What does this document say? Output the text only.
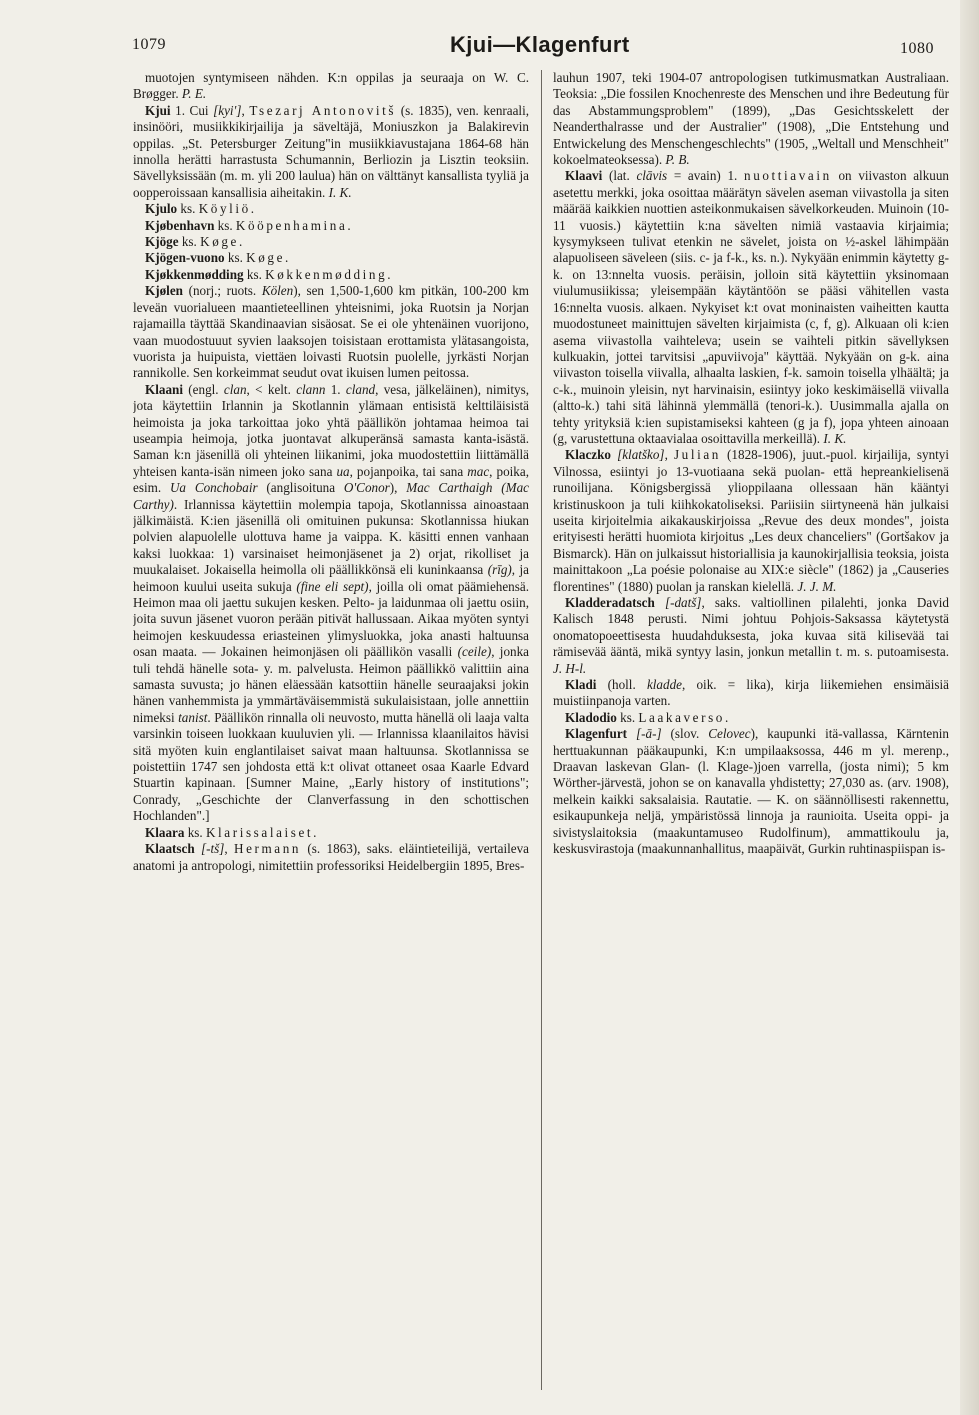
1079	Kjui—Klagenfurt	1080

muotojen syntymiseen nähden. K:n oppilas ja seuraaja on W. C. Brøgger. P. E.

Kjui 1. Cui [kyi'], Tsezarj Antonovitš (s. 1835), ven. kenraali, insinööri, musiikkikirjailija ja säveltäjä, Moniuszkon ja Balakirevin oppilas. „St. Petersburger Zeitung"in musiikkiavustajana 1864-68 hän innolla herätti harrastusta Schumannin, Berliozin ja Lisztin teoksiin. Sävellyksissään (m. m. yli 200 laulua) hän on välttänyt kansallista tyyliä ja oopperoissaan kansallisia aiheitakin. I. K.

Kjulo ks. Köyliö.

Kjøbenhavn ks. Kööpenhamina.

Kjöge ks. Køge.

Kjögen-vuono ks. Køge.

Kjøkkenmødding ks. Køkkenmødding.

Kjølen (norj.; ruots. Kölen), sen 1,500-1,600 km pitkän, 100-200 km leveän vuorialueen maantieteellinen yhteisnimi, joka Ruotsin ja Norjan rajamailla täyttää Skandinaavian sisäosat. Se ei ole yhtenäinen vuorijono, vaan muodostuuut syvien laaksojen toisistaan erottamista ylätasangoista, vuorista ja huipuista, viettäen loivasti Ruotsin puolelle, jyrkästi Norjan rannikolle. Sen korkeimmat seudut ovat ikuisen lumen peitossa.

Klaani (engl. clan, < kelt. clann 1. cland, vesa, jälkeläinen), nimitys, jota käytettiin Irlannin ja Skotlannin ylämaan entisistä kelttiläisistä heimoista ja joka tarkoittaa joko yhtä päällikön johtamaa heimoa tai useampia heimoja, jotka juontavat alkuperänsä samasta kanta-isästä. Saman k:n jäsenillä oli yhteinen liikanimi, joka muodostettiin liittämällä yhteisen kanta-isän nimeen joko sana ua, pojanpoika, tai sana mac, poika, esim. Ua Conchobair (anglisoituna O'Conor), Mac Carthaigh (Mac Carthy). Irlannissa käytettiin molempia tapoja, Skotlannissa ainoastaan jälkimäistä. K:ien jäsenillä oli omituinen pukunsa: Skotlannissa hiukan polvien alapuolelle ulottuva hame ja vaippa. K. käsitti ennen vanhaan kaksi luokkaa: 1) varsinaiset heimonjäsenet ja 2) orjat, rikolliset ja muukalaiset. Jokaisella heimolla oli päällikkönsä eli kuninkaansa (rīg), ja heimoon kuului useita sukuja (fine eli sept), joilla oli omat päämiehensä. Heimon maa oli jaettu sukujen kesken. Pelto- ja laidunmaa oli jaettu osiin, joita suvun jäsenet vuoron perään pitivät hallussaan. Aikaa myöten syntyi heimojen keskuudessa eriasteinen ylimysluokka, joka anasti haltuunsa osan maata. — Jokainen heimonjäsen oli päällikön vasalli (ceile), jonka tuli tehdä hänelle sota- y. m. palvelusta. Heimon päällikkö valittiin aina samasta suvusta; jo hänen eläessään katsottiin hänelle seuraajaksi jokin hänen vanhemmista ja ymmärtäväisemmistä sukulaisistaan, jolle annettiin nimeksi tanist. Päällikön rinnalla oli neuvosto, mutta hänellä oli laaja valta varsinkin toiseen luokkaan kuuluvien yli. — Irlannissa klaanilaitos hävisi sitä myöten kuin englantilaiset saivat maan haltuunsa. Skotlannissa se poistettiin 1747 sen johdosta että k:t olivat ottaneet osaa Kaarle Edvard Stuartin kapinaan. [Sumner Maine, „Early history of institutions"; Conrady, „Geschichte der Clanverfassung in den schottischen Hochlanden".]

Klaara ks. Klarissalaiset.

Klaatsch [-tš], Hermann (s. 1863), saks. eläintieteilijä, vertaileva anatomi ja antropologi, nimitettiin professoriksi Heidelbergiin 1895, Bres-

lauhun 1907, teki 1904-07 antropologisen tutkimusmatkan Australiaan. Teoksia: „Die fossilen Knochenreste des Menschen und ihre Bedeutung für das Abstammungsproblem" (1899), „Das Gesichtsskelett der Neanderthalrasse und der Australier" (1908), „Die Entstehung und Entwickelung des Menschengeschlechts" (1905, „Weltall und Menschheit" kokoelmateoksessa). P. B.

Klaavi (lat. clāvis = avain) 1. nuottiavain on viivaston alkuun asetettu merkki, joka osoittaa määrätyn sävelen aseman viivastolla ja siten määrää kaikkien nuottien asteikonmukaisen sävelkorkeuden. Muinoin (10-11 vuosis.) käytettiin k:na sävelten nimiä vastaavia kirjaimia; kysymykseen tulivat etenkin ne sävelet, joista on ½-askel lähimpään alapuoliseen säveleen (siis. c- ja f-k., ks. n.). Nykyään enimmin käytetty g-k. on 13:nnelta vuosis. peräisin, jolloin sitä käytettiin yksinomaan viulumusiikissa; yleisempään käytäntöön se pääsi vähitellen vasta 16:nnelta vuosis. alkaen. Nykyiset k:t ovat moninaisten vaiheitten kautta muodostuneet mainittujen sävelten kirjaimista (c, f, g). Alkuaan oli k:ien asema viivastolla vaihteleva; usein se vaihteli pitkin sävellyksen kulkuakin, jottei tarvitsisi „apuviivoja" käyttää. Nykyään on g-k. aina viivaston toisella viivalla, alhaalta laskien, f-k. samoin toisella ylhäältä; ja c-k., muinoin yleisin, nyt harvinaisin, esiintyy joko keskimäisellä viivalla (altto-k.) tahi sitä lähinnä ylemmällä (tenori-k.). Uusimmalla ajalla on tehty yrityksiä k:ien supistamiseksi kahteen (g ja f), jopa yhteen ainoaan (g, varustettuna oktaavialaa osoittavilla merkeillä). I. K.

Klaczko [klatško], Julian (1828-1906), juut.-puol. kirjailija, syntyi Vilnossa, esiintyi jo 13-vuotiaana sekä puolan- että hepreankielisenä runoilijana. Königsbergissä ylioppilaana ollessaan hän kääntyi kristinuskoon ja tuli kiihkokatoliseksi. Pariisiin siirtyneenä hän julkaisi useita kirjoitelmia aikakauskirjoissa „Revue des deux mondes", joista erityisesti herätti huomiota kirjoitus „Les deux chanceliers" (Gortšakov ja Bismarck). Hän on julkaissut historiallisia ja kaunokirjallisia teoksia, joista mainittakoon „La poésie polonaise au XIX:e siècle" (1862) ja „Causeries florentines" (1880) puolan ja ranskan kielellä. J. J. M.

Kladderadatsch [-datš], saks. valtiollinen pilalehti, jonka David Kalisch 1848 perusti. Nimi johtuu Pohjois-Saksassa käytetystä onomatopoeettisesta huudahduksesta, joka kuvaa sitä kilisevää tai rämisevää ääntä, mikä syntyy lasin, jonkun metallin t. m. s. putoamisesta. J. H-l.

Kladi (holl. kladde, oik. = lika), kirja liikemiehen ensimäisiä muistiinpanoja varten.

Kladodio ks. Laakaverso.

Klagenfurt [-ā-] (slov. Celovec), kaupunki itä-vallassa, Kärntenin herttuakunnan pääkaupunki, K:n umpilaaksossa, 446 m yl. merenp., Draavan laskevan Glan- (l. Klage-)joen varrella, (josta nimi); 5 km Wörther-järvestä, johon se on kanavalla yhdistetty; 27,030 as. (arv. 1908), melkein kaikki saksalaisia. Rautatie. — K. on säännöllisesti rakennettu, esikaupunkeja neljä, ympäristössä linnoja ja raunioita. Useita oppi- ja sivistyslaitoksia (maakuntamuseo Rudolfinum), ammattikoulu ja, keskusvirastoja (maakunnanhallitus, maapäivät, Gurkin ruhtinaspiispan is-
